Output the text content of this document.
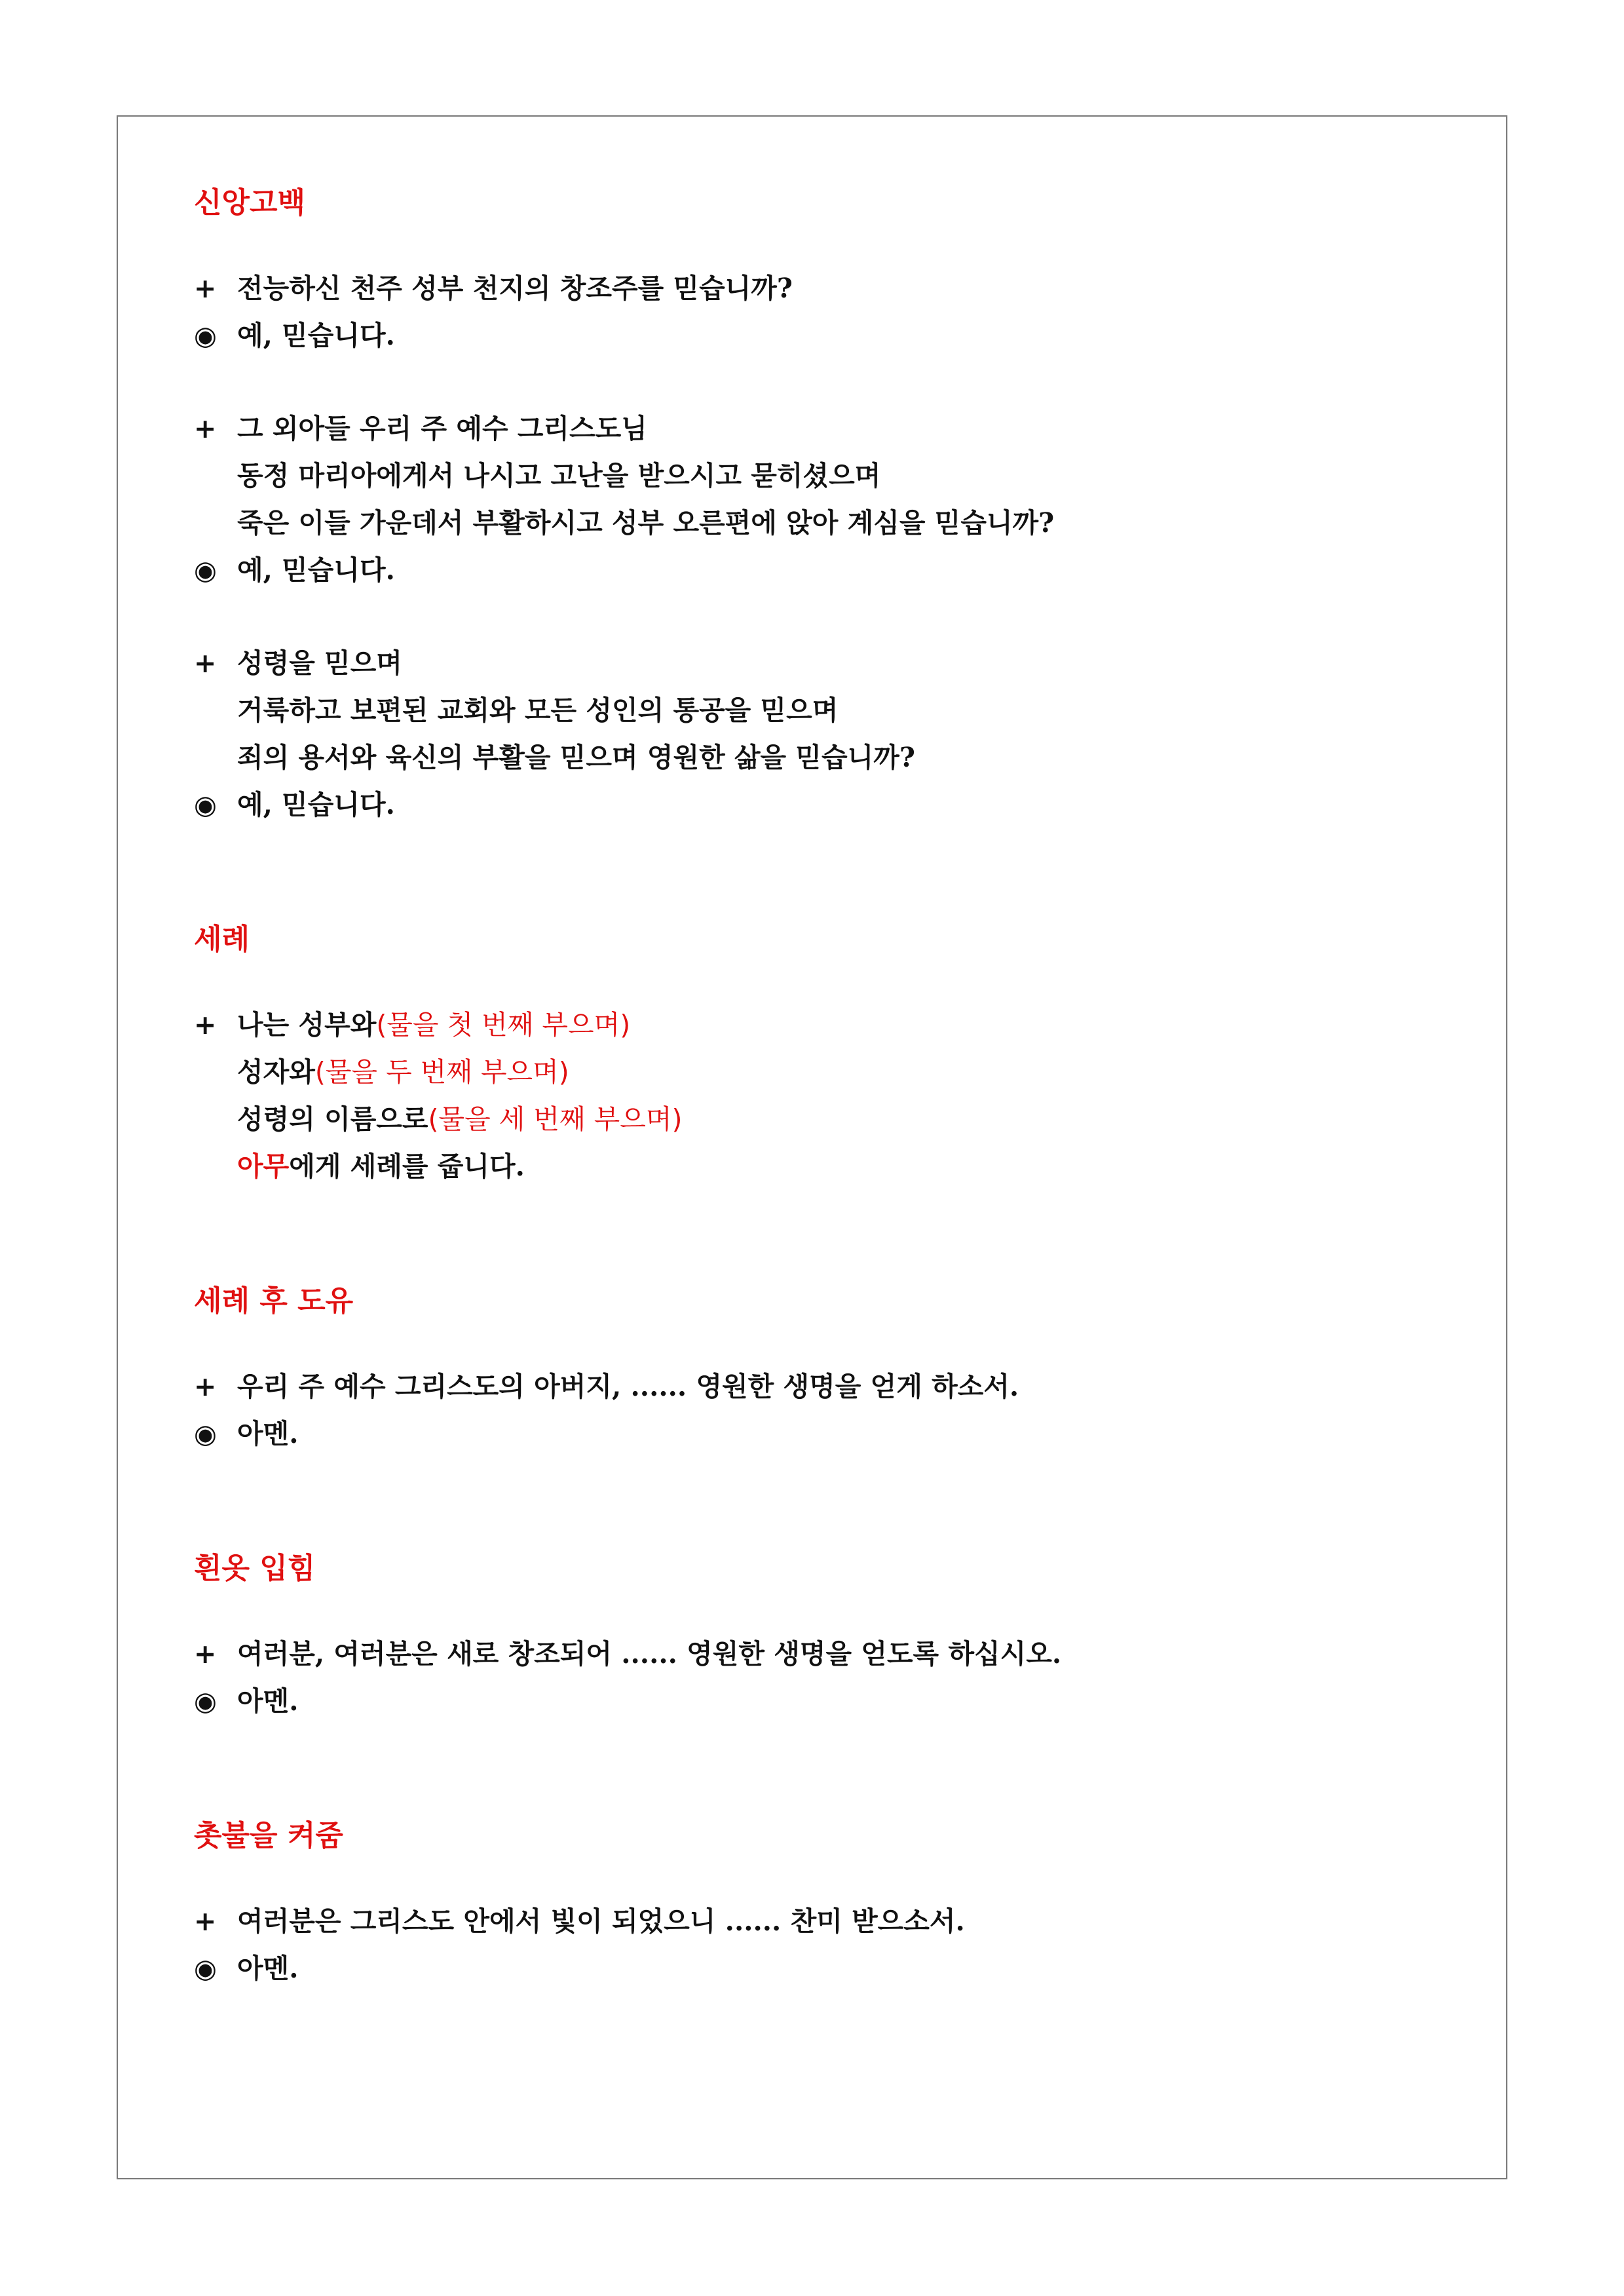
신앙고백
+ 전능하신 천주 성부 천지의 창조주를 믿습니까?
◉ 예, 믿습니다.
+ 그 외아들 우리 주 예수 그리스도님
동정 마리아에게서 나시고 고난을 받으시고 묻히셨으며
죽은 이들 가운데서 부활하시고 성부 오른편에 앉아 계심을 믿습니까?
◉ 예, 믿습니다.
+ 성령을 믿으며
거룩하고 보편된 교회와 모든 성인의 통공을 믿으며
죄의 용서와 육신의 부활을 믿으며 영원한 삶을 믿습니까?
◉ 예, 믿습니다.
세례
+ 나는 성부와(물을 첫 번째 부으며)
성자와(물을 두 번째 부으며)
성령의 이름으로(물을 세 번째 부으며)
아무에게 세례를 줍니다.
세례 후 도유
+ 우리 주 예수 그리스도의 아버지, ...... 영원한 생명을 얻게 하소서.
◉ 아멘.
흰옷 입힘
+ 여러분, 여러분은 새로 창조되어 ...... 영원한 생명을 얻도록 하십시오.
◉ 아멘.
촛불을 켜줌
+ 여러분은 그리스도 안에서 빛이 되었으니 ...... 찬미 받으소서.
◉ 아멘.
